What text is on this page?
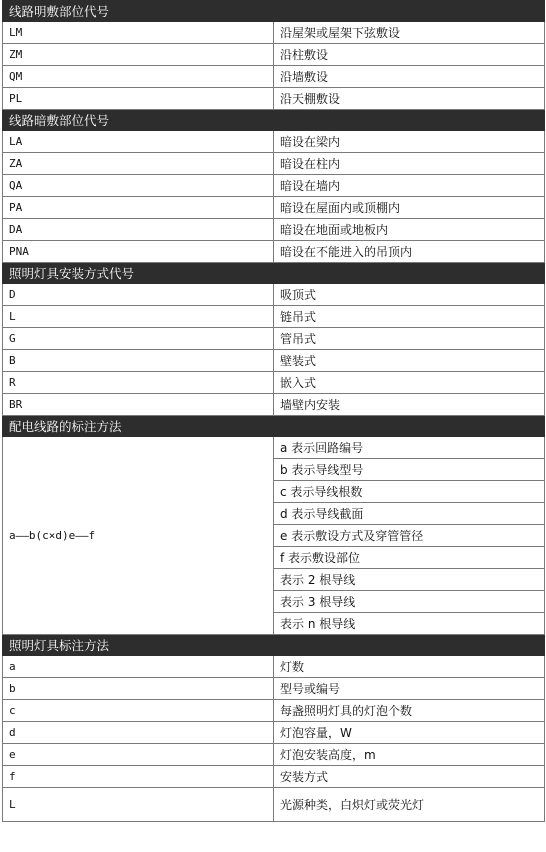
线路明敷部位代号	
LM	沿屋架或屋架下弦敷设
ZM	沿柱敷设
QM	沿墙敷设
PL	沿天棚敷设
线路暗敷部位代号	
LA	暗设在梁内
ZA	暗设在柱内
QA	暗设在墙内
PA	暗设在屋面内或顶棚内
DA	暗设在地面或地板内
PNA	暗设在不能进入的吊顶内
照明灯具安装方式代号	
D	吸顶式
L	链吊式
G	管吊式
B	壁装式
R	嵌入式
BR	墙壁内安装
配电线路的标注方法	
a——b(c×d)e——f	a 表示回路编号
	b 表示导线型号
	c 表示导线根数
	d 表示导线截面
	e 表示敷设方式及穿管管径
	f 表示敷设部位
	表示 2 根导线
	表示 3 根导线
	表示 n 根导线
照明灯具标注方法	
a	灯数
b	型号或编号
c	每盏照明灯具的灯泡个数
d	灯泡容量，W
e	灯泡安装高度，m
f	安装方式
L	光源种类，白炽灯或荧光灯
